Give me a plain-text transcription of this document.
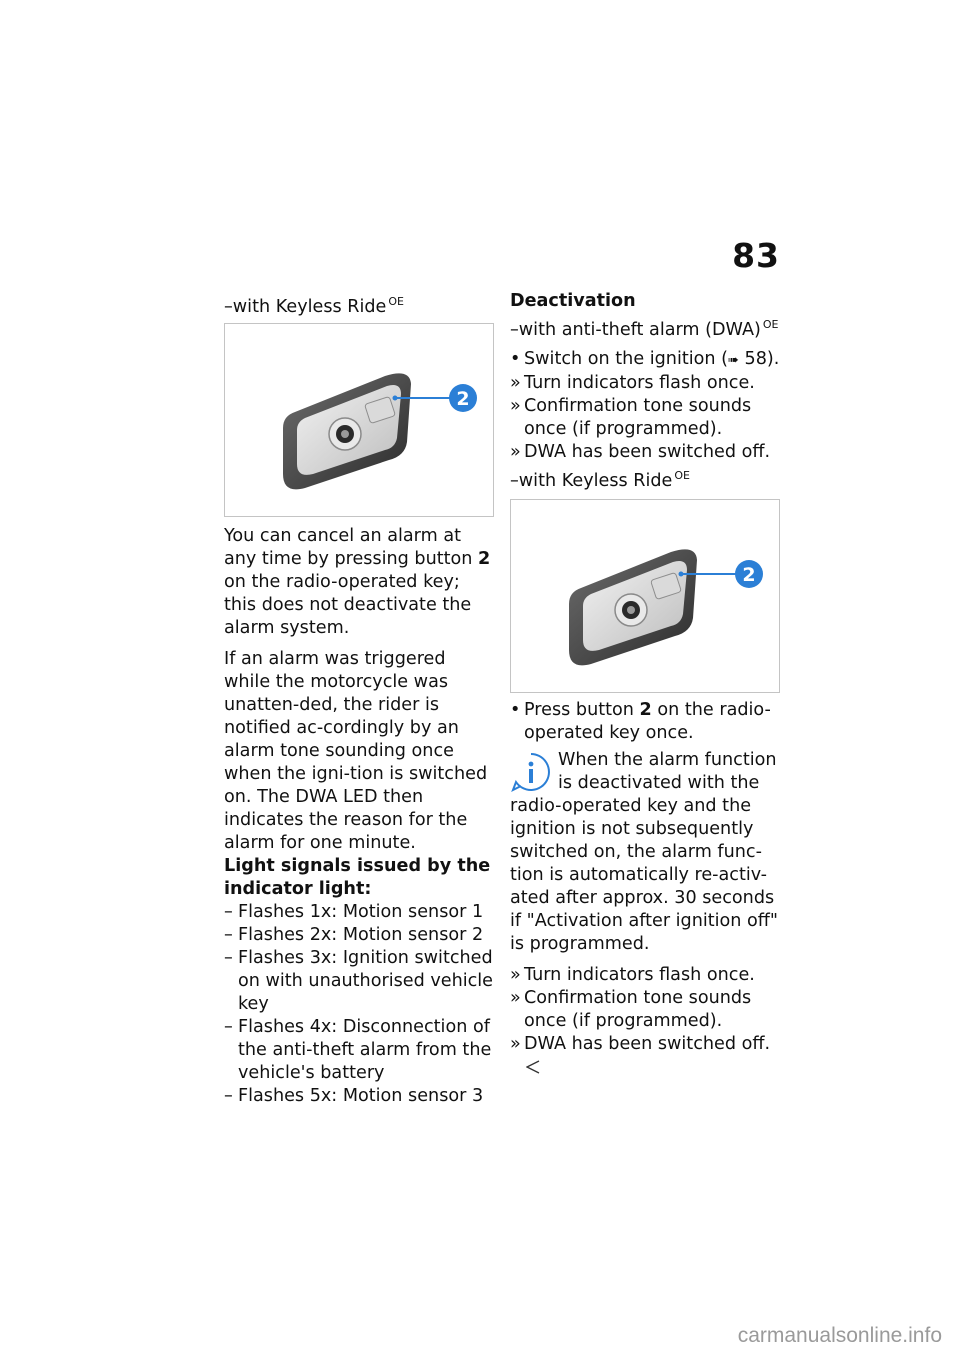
83

–with Keyless Ride $^{OE}$

2

You can cancel an alarm at any time by pressing button 2 on the radio-operated key; this does not deactivate the alarm system.

If an alarm was triggered while the motorcycle was unatten-ded, the rider is notified ac-cordingly by an alarm tone sounding once when the igni-tion is switched on. The DWA LED then indicates the reason for the alarm for one minute.

Light signals issued by the indicator light:

– Flashes 1x: Motion sensor 1
– Flashes 2x: Motion sensor 2
– Flashes 3x: Ignition switched on with unauthorised vehicle key
– Flashes 4x: Disconnection of the anti-theft alarm from the vehicle's battery
– Flashes 5x: Motion sensor 3

Deactivation

–with anti-theft alarm (DWA) $^{OE}$

• Switch on the ignition (➠ 58).
» Turn indicators flash once.
» Confirmation tone sounds once (if programmed).
» DWA has been switched off.

–with Keyless Ride $^{OE}$

2
• Press button 2 on the radio-operated key once.

When the alarm function is deactivated with the radio-operated key and the ignition is not subsequently switched on, the alarm func-tion is automatically re-activ-ated after approx. 30 seconds if "Activation after ignition off" is programmed.

» Turn indicators flash once.
» Confirmation tone sounds once (if programmed).
» DWA has been switched off.
carmanualsonline.info
